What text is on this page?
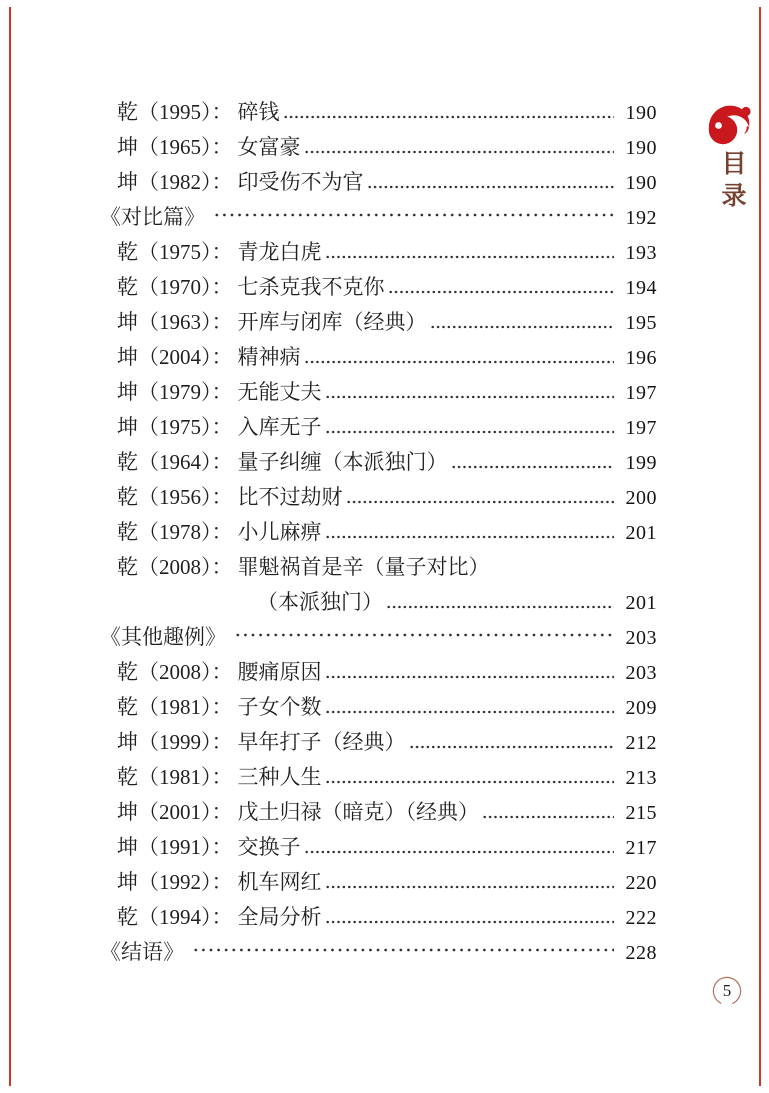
乾（1995）： 碎钱	190
坤（1965）： 女富豪	190
坤（1982）： 印受伤不为官	190
《对比篇》	192
乾（1975）： 青龙白虎	193
乾（1970）： 七杀克我不克你	194
坤（1963）： 开库与闭库（经典）	195
坤（2004）： 精神病	196
坤（1979）： 无能丈夫	197
坤（1975）： 入库无子	197
乾（1964）： 量子纠缠（本派独门）	199
乾（1956）： 比不过劫财	200
乾（1978）： 小儿麻痹	201
乾（2008）： 罪魁祸首是辛（量子对比）
（本派独门）	201
《其他趣例》	203
乾（2008）： 腰痛原因	203
乾（1981）： 子女个数	209
坤（1999）： 早年打子（经典）	212
乾（1981）： 三种人生	213
坤（2001）： 戊土归禄（暗克）（经典）	215
坤（1991）： 交换子	217
坤（1992）： 机车网红	220
乾（1994）： 全局分析	222
《结语》	228
目录
5
